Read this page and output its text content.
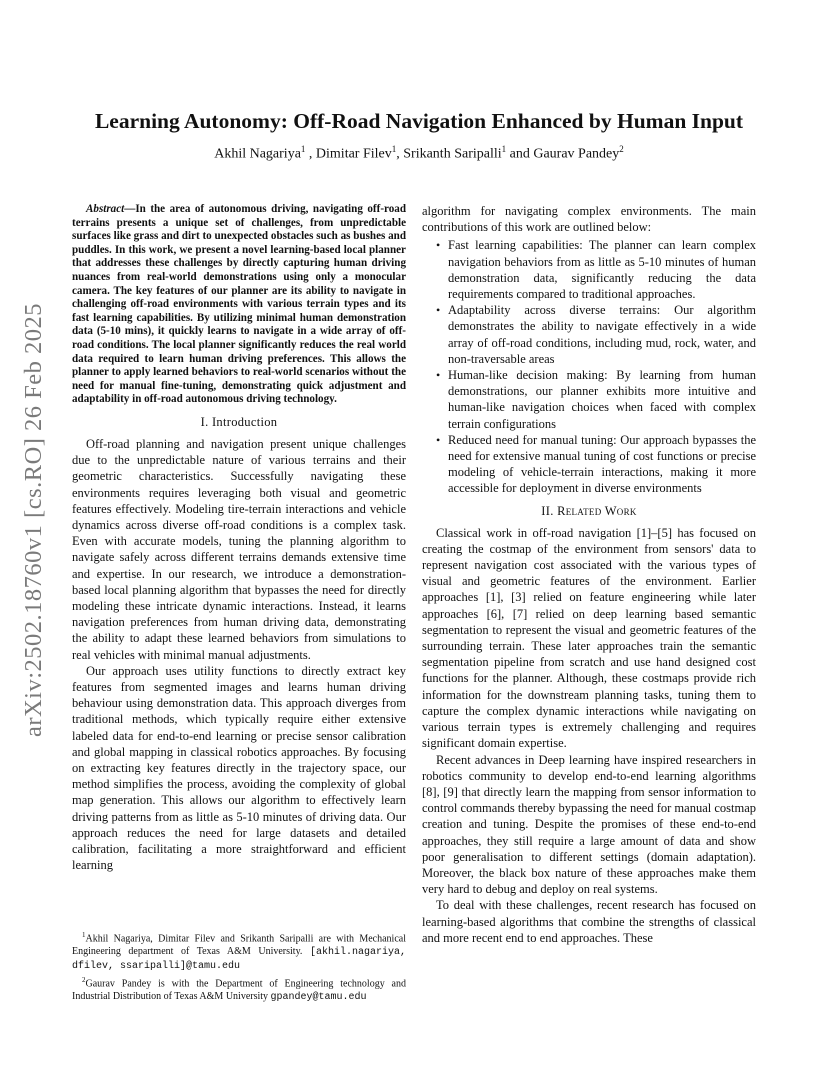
arXiv:2502.18760v1 [cs.RO] 26 Feb 2025
Learning Autonomy: Off-Road Navigation Enhanced by Human Input
Akhil Nagariya$^1$ , Dimitar Filev$^1$, Srikanth Saripalli$^1$ and Gaurav Pandey$^2$

Abstract—In the area of autonomous driving, navigating off-road terrains presents a unique set of challenges, from unpredictable surfaces like grass and dirt to unexpected obstacles such as bushes and puddles. In this work, we present a novel learning-based local planner that addresses these challenges by directly capturing human driving nuances from real-world demonstrations using only a monocular camera. The key features of our planner are its ability to navigate in challenging off-road environments with various terrain types and its fast learning capabilities. By utilizing minimal human demonstration data (5-10 mins), it quickly learns to navigate in a wide array of off-road conditions. The local planner significantly reduces the real world data required to learn human driving preferences. This allows the planner to apply learned behaviors to real-world scenarios without the need for manual fine-tuning, demonstrating quick adjustment and adaptability in off-road autonomous driving technology.

I. Introduction

Off-road planning and navigation present unique challenges due to the unpredictable nature of various terrains and their geometric characteristics. Successfully navigating these environments requires leveraging both visual and geometric features effectively. Modeling tire-terrain interactions and vehicle dynamics across diverse off-road conditions is a complex task. Even with accurate models, tuning the planning algorithm to navigate safely across different terrains demands extensive time and expertise. In our research, we introduce a demonstration-based local planning algorithm that bypasses the need for directly modeling these intricate dynamic interactions. Instead, it learns navigation preferences from human driving data, demonstrating the ability to adapt these learned behaviors from simulations to real vehicles with minimal manual adjustments.

Our approach uses utility functions to directly extract key features from segmented images and learns human driving behaviour using demonstration data. This approach diverges from traditional methods, which typically require either extensive labeled data for end-to-end learning or precise sensor calibration and global mapping in classical robotics approaches. By focusing on extracting key features directly in the trajectory space, our method simplifies the process, avoiding the complexity of global map generation. This allows our algorithm to effectively learn driving patterns from as little as 5-10 minutes of driving data. Our approach reduces the need for large datasets and detailed calibration, facilitating a more straightforward and efficient learning

algorithm for navigating complex environments. The main contributions of this work are outlined below:

• Fast learning capabilities: The planner can learn complex navigation behaviors from as little as 5-10 minutes of human demonstration data, significantly reducing the data requirements compared to traditional approaches.
• Adaptability across diverse terrains: Our algorithm demonstrates the ability to navigate effectively in a wide array of off-road conditions, including mud, rock, water, and non-traversable areas
• Human-like decision making: By learning from human demonstrations, our planner exhibits more intuitive and human-like navigation choices when faced with complex terrain configurations
• Reduced need for manual tuning: Our approach bypasses the need for extensive manual tuning of cost functions or precise modeling of vehicle-terrain interactions, making it more accessible for deployment in diverse environments
II. Related Work

Classical work in off-road navigation [1]–[5] has focused on creating the costmap of the environment from sensors' data to represent navigation cost associated with the various types of visual and geometric features of the environment. Earlier approaches [1], [3] relied on feature engineering while later approaches [6], [7] relied on deep learning based semantic segmentation to represent the visual and geometric features of the surrounding terrain. These later approaches train the semantic segmentation pipeline from scratch and use hand designed cost functions for the planner. Although, these costmaps provide rich information for the downstream planning tasks, tuning them to capture the complex dynamic interactions while navigating on various terrain types is extremely challenging and requires significant domain expertise.

Recent advances in Deep learning have inspired researchers in robotics community to develop end-to-end learning algorithms [8], [9] that directly learn the mapping from sensor information to control commands thereby bypassing the need for manual costmap creation and tuning. Despite the promises of these end-to-end approaches, they still require a large amount of data and show poor generalisation to different settings (domain adaptation). Moreover, the black box nature of these approaches make them very hard to debug and deploy on real systems.

To deal with these challenges, recent research has focused on learning-based algorithms that combine the strengths of classical and more recent end to end approaches. These

$^1$Akhil Nagariya, Dimitar Filev and Srikanth Saripalli are with Mechanical Engineering department of Texas A&M University. [akhil.nagariya, dfilev, ssaripalli]@tamu.edu

$^2$Gaurav Pandey is with the Department of Engineering technology and Industrial Distribution of Texas A&M University gpandey@tamu.edu
